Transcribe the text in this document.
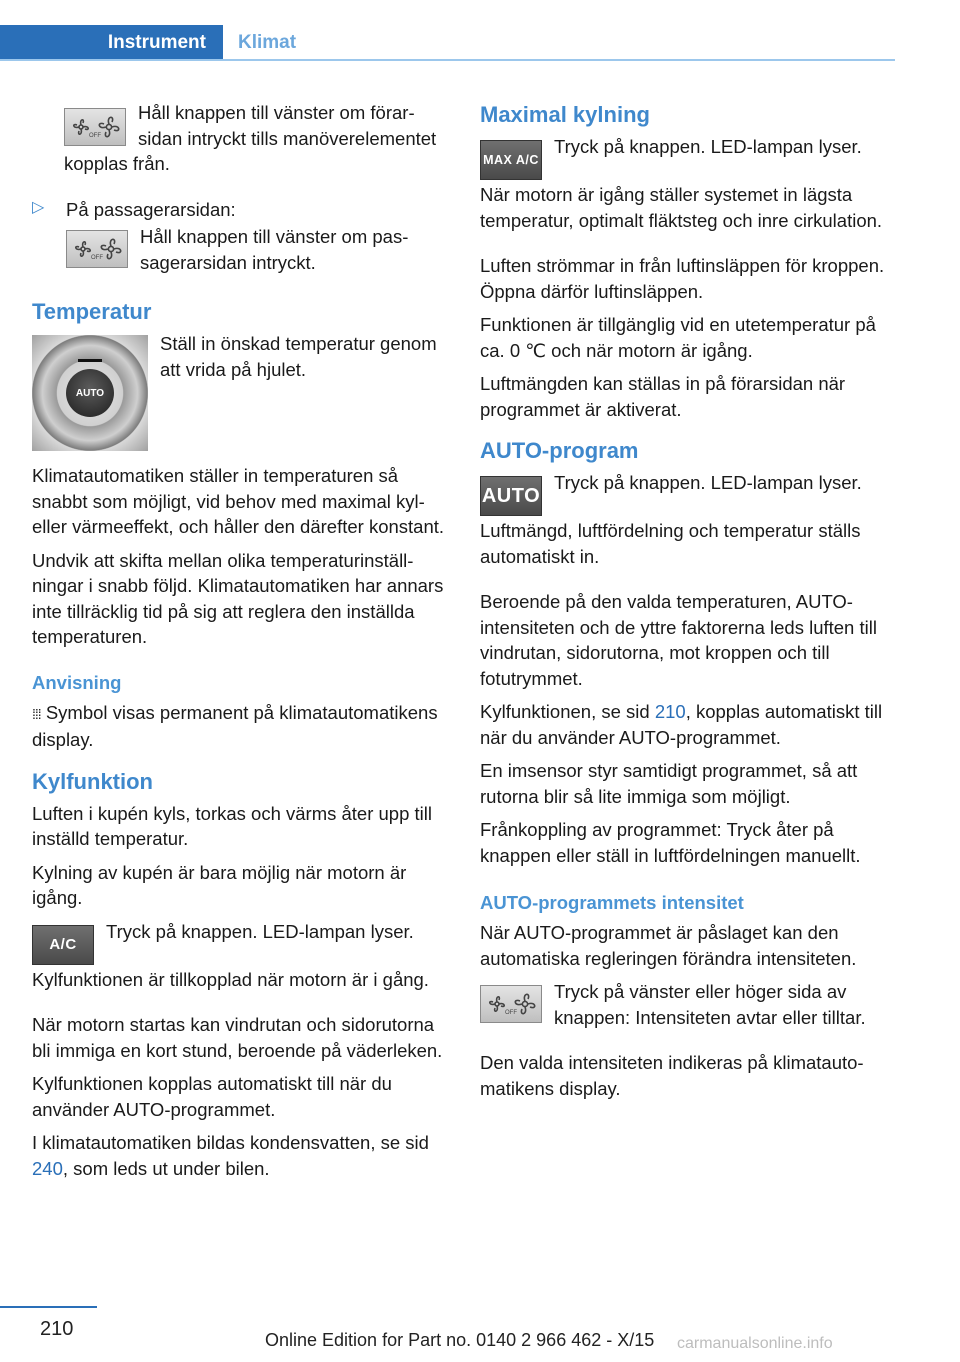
Instrument	Klimat
OFF

Håll knappen till vänster om förarsidan intryckt tills manöverelementet kopplas från.

▷ På passagerarsidan:

OFF

Håll knappen till vänster om passagerarsidan intryckt.

Temperatur
AUTO

Ställ in önskad temperatur genom att vrida på hjulet.

Klimatautomatiken ställer in temperaturen så snabbt som möjligt, vid behov med maximal kyl- eller värmeeffekt, och håller den därefter konstant.

Undvik att skifta mellan olika temperaturinställningar i snabb följd. Klimatautomatiken har annars inte tillräcklig tid på sig att reglera den inställda temperaturen.

Anvisning

⁞⁞⁞ Symbol visas permanent på klimatautomatikens display.

Kylfunktion

Luften i kupén kyls, torkas och värms åter upp till inställd temperatur.

Kylning av kupén är bara möjlig när motorn är igång.

A/C

Tryck på knappen. LED-lampan lyser.

Kylfunktionen är tillkopplad när motorn är i gång.

När motorn startas kan vindrutan och sidorutorna bli immiga en kort stund, beroende på väderleken.

Kylfunktionen kopplas automatiskt till när du använder AUTO-programmet.

I klimatautomatiken bildas kondensvatten, se sid 240, som leds ut under bilen.

Maximal kylning
MAX A/C

Tryck på knappen. LED-lampan lyser.

När motorn är igång ställer systemet in lägsta temperatur, optimalt fläktsteg och inre cirkulation.

Luften strömmar in från luftinsläppen för kroppen. Öppna därför luftinsläppen.

Funktionen är tillgänglig vid en utetemperatur på ca. 0 ℃ och när motorn är igång.

Luftmängden kan ställas in på förarsidan när programmet är aktiverat.

AUTO-program
AUTO

Tryck på knappen. LED-lampan lyser.

Luftmängd, luftfördelning och temperatur ställs automatiskt in.

Beroende på den valda temperaturen, AUTO-intensiteten och de yttre faktorerna leds luften till vindrutan, sidorutorna, mot kroppen och till fotutrymmet.

Kylfunktionen, se sid 210, kopplas automatiskt till när du använder AUTO-programmet.

En imsensor styr samtidigt programmet, så att rutorna blir så lite immiga som möjligt.

Frånkoppling av programmet: Tryck åter på knappen eller ställ in luftfördelningen manuellt.

AUTO-programmets intensitet

När AUTO-programmet är påslaget kan den automatiska regleringen förändra intensiteten.

OFF

Tryck på vänster eller höger sida av knappen: Intensiteten avtar eller tilltar.

Den valda intensiteten indikeras på klimatautomatikens display.

210	Online Edition for Part no. 0140 2 966 462 - X/15 carmanualsonline.info
